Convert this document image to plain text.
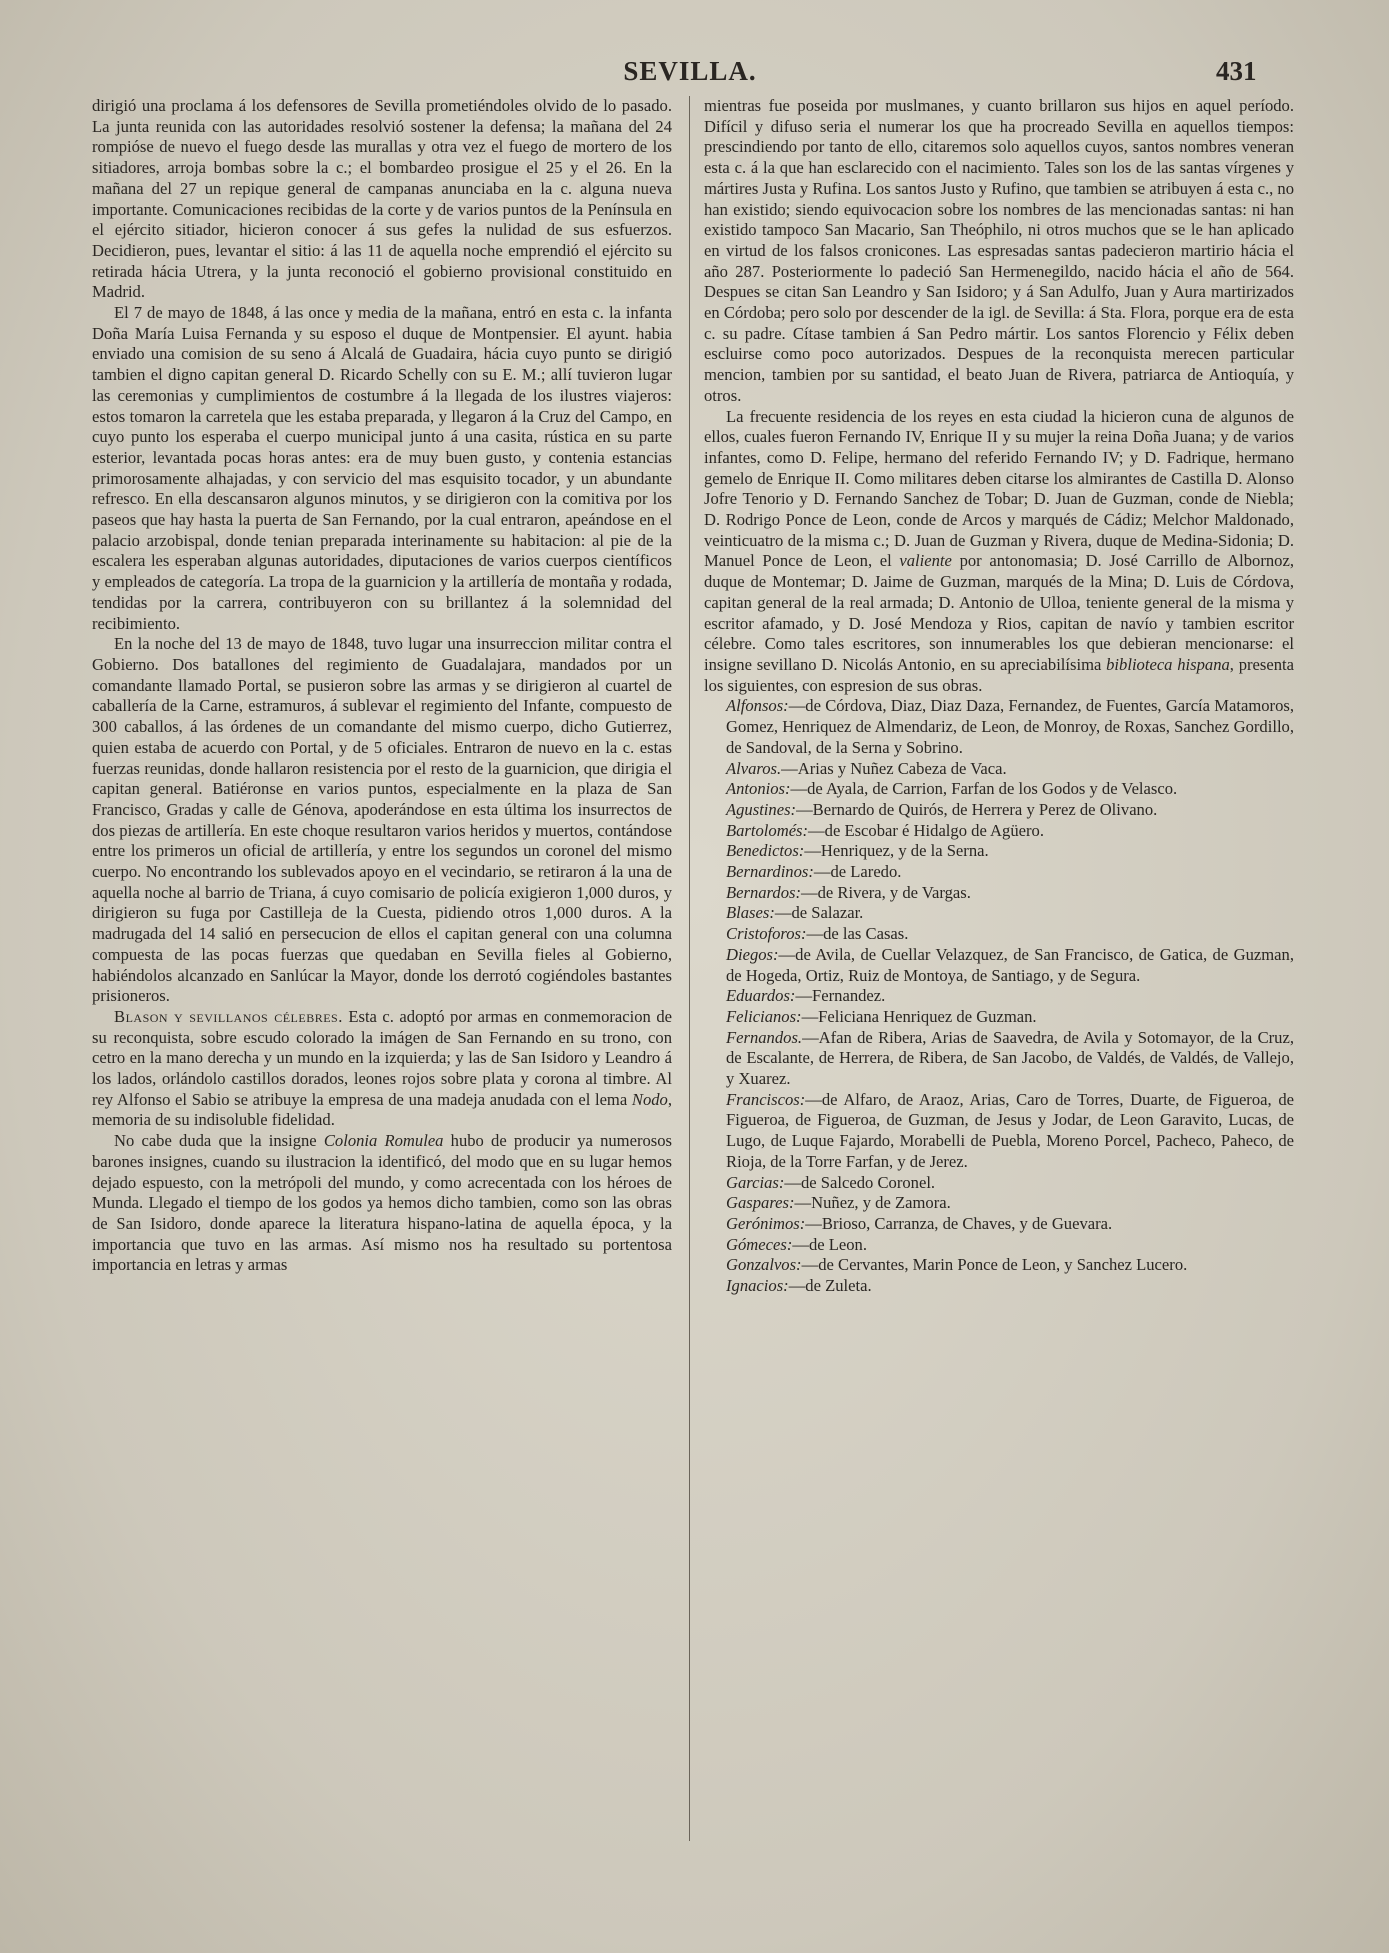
SEVILLA.	431

dirigió una proclama á los defensores de Sevilla prometiéndoles olvido de lo pasado. La junta reunida con las autoridades resolvió sostener la defensa; la mañana del 24 rompióse de nuevo el fuego desde las murallas y otra vez el fuego de mortero de los sitiadores, arroja bombas sobre la c.; el bombardeo prosigue el 25 y el 26. En la mañana del 27 un repique general de campanas anunciaba en la c. alguna nueva importante. Comunicaciones recibidas de la corte y de varios puntos de la Península en el ejército sitiador, hicieron conocer á sus gefes la nulidad de sus esfuerzos. Decidieron, pues, levantar el sitio: á las 11 de aquella noche emprendió el ejército su retirada hácia Utrera, y la junta reconoció el gobierno provisional constituido en Madrid.

El 7 de mayo de 1848, á las once y media de la mañana, entró en esta c. la infanta Doña María Luisa Fernanda y su esposo el duque de Montpensier. El ayunt. habia enviado una comision de su seno á Alcalá de Guadaira, hácia cuyo punto se dirigió tambien el digno capitan general D. Ricardo Schelly con su E. M.; allí tuvieron lugar las ceremonias y cumplimientos de costumbre á la llegada de los ilustres viajeros: estos tomaron la carretela que les estaba preparada, y llegaron á la Cruz del Campo, en cuyo punto los esperaba el cuerpo municipal junto á una casita, rústica en su parte esterior, levantada pocas horas antes: era de muy buen gusto, y contenia estancias primorosamente alhajadas, y con servicio del mas esquisito tocador, y un abundante refresco. En ella descansaron algunos minutos, y se dirigieron con la comitiva por los paseos que hay hasta la puerta de San Fernando, por la cual entraron, apeándose en el palacio arzobispal, donde tenian preparada interinamente su habitacion: al pie de la escalera les esperaban algunas autoridades, diputaciones de varios cuerpos científicos y empleados de categoría. La tropa de la guarnicion y la artillería de montaña y rodada, tendidas por la carrera, contribuyeron con su brillantez á la solemnidad del recibimiento.

En la noche del 13 de mayo de 1848, tuvo lugar una insurreccion militar contra el Gobierno. Dos batallones del regimiento de Guadalajara, mandados por un comandante llamado Portal, se pusieron sobre las armas y se dirigieron al cuartel de caballería de la Carne, estramuros, á sublevar el regimiento del Infante, compuesto de 300 caballos, á las órdenes de un comandante del mismo cuerpo, dicho Gutierrez, quien estaba de acuerdo con Portal, y de 5 oficiales. Entraron de nuevo en la c. estas fuerzas reunidas, donde hallaron resistencia por el resto de la guarnicion, que dirigia el capitan general. Batiéronse en varios puntos, especialmente en la plaza de San Francisco, Gradas y calle de Génova, apoderándose en esta última los insurrectos de dos piezas de artillería. En este choque resultaron varios heridos y muertos, contándose entre los primeros un oficial de artillería, y entre los segundos un coronel del mismo cuerpo. No encontrando los sublevados apoyo en el vecindario, se retiraron á la una de aquella noche al barrio de Triana, á cuyo comisario de policía exigieron 1,000 duros, y dirigieron su fuga por Castilleja de la Cuesta, pidiendo otros 1,000 duros. A la madrugada del 14 salió en persecucion de ellos el capitan general con una columna compuesta de las pocas fuerzas que quedaban en Sevilla fieles al Gobierno, habiéndolos alcanzado en Sanlúcar la Mayor, donde los derrotó cogiéndoles bastantes prisioneros.

Blason y sevillanos célebres. Esta c. adoptó por armas en conmemoracion de su reconquista, sobre escudo colorado la imágen de San Fernando en su trono, con cetro en la mano derecha y un mundo en la izquierda; y las de San Isidoro y Leandro á los lados, orlándolo castillos dorados, leones rojos sobre plata y corona al timbre. Al rey Alfonso el Sabio se atribuye la empresa de una madeja anudada con el lema Nodo, memoria de su indisoluble fidelidad.

No cabe duda que la insigne Colonia Romulea hubo de producir ya numerosos barones insignes, cuando su ilustracion la identificó, del modo que en su lugar hemos dejado espuesto, con la metrópoli del mundo, y como acrecentada con los héroes de Munda. Llegado el tiempo de los godos ya hemos dicho tambien, como son las obras de San Isidoro, donde aparece la literatura hispano-latina de aquella época, y la importancia que tuvo en las armas. Así mismo nos ha resultado su portentosa importancia en letras y armas

mientras fue poseida por muslmanes, y cuanto brillaron sus hijos en aquel período. Difícil y difuso seria el numerar los que ha procreado Sevilla en aquellos tiempos: prescindiendo por tanto de ello, citaremos solo aquellos cuyos, santos nombres veneran esta c. á la que han esclarecido con el nacimiento. Tales son los de las santas vírgenes y mártires Justa y Rufina. Los santos Justo y Rufino, que tambien se atribuyen á esta c., no han existido; siendo equivocacion sobre los nombres de las mencionadas santas: ni han existido tampoco San Macario, San Theóphilo, ni otros muchos que se le han aplicado en virtud de los falsos cronicones. Las espresadas santas padecieron martirio hácia el año 287. Posteriormente lo padeció San Hermenegildo, nacido hácia el año de 564. Despues se citan San Leandro y San Isidoro; y á San Adulfo, Juan y Aura martirizados en Córdoba; pero solo por descender de la igl. de Sevilla: á Sta. Flora, porque era de esta c. su padre. Cítase tambien á San Pedro mártir. Los santos Florencio y Félix deben escluirse como poco autorizados. Despues de la reconquista merecen particular mencion, tambien por su santidad, el beato Juan de Rivera, patriarca de Antioquía, y otros.

La frecuente residencia de los reyes en esta ciudad la hicieron cuna de algunos de ellos, cuales fueron Fernando IV, Enrique II y su mujer la reina Doña Juana; y de varios infantes, como D. Felipe, hermano del referido Fernando IV; y D. Fadrique, hermano gemelo de Enrique II. Como militares deben citarse los almirantes de Castilla D. Alonso Jofre Tenorio y D. Fernando Sanchez de Tobar; D. Juan de Guzman, conde de Niebla; D. Rodrigo Ponce de Leon, conde de Arcos y marqués de Cádiz; Melchor Maldonado, veinticuatro de la misma c.; D. Juan de Guzman y Rivera, duque de Medina-Sidonia; D. Manuel Ponce de Leon, el valiente por antonomasia; D. José Carrillo de Albornoz, duque de Montemar; D. Jaime de Guzman, marqués de la Mina; D. Luis de Córdova, capitan general de la real armada; D. Antonio de Ulloa, teniente general de la misma y escritor afamado, y D. José Mendoza y Rios, capitan de navío y tambien escritor célebre. Como tales escritores, son innumerables los que debieran mencionarse: el insigne sevillano D. Nicolás Antonio, en su apreciabilísima biblioteca hispana, presenta los siguientes, con espresion de sus obras.

Alfonsos:—de Córdova, Diaz, Diaz Daza, Fernandez, de Fuentes, García Matamoros, Gomez, Henriquez de Almendariz, de Leon, de Monroy, de Roxas, Sanchez Gordillo, de Sandoval, de la Serna y Sobrino.

Alvaros.—Arias y Nuñez Cabeza de Vaca.

Antonios:—de Ayala, de Carrion, Farfan de los Godos y de Velasco.

Agustines:—Bernardo de Quirós, de Herrera y Perez de Olivano.

Bartolomés:—de Escobar é Hidalgo de Agüero.

Benedictos:—Henriquez, y de la Serna.

Bernardinos:—de Laredo.

Bernardos:—de Rivera, y de Vargas.

Blases:—de Salazar.

Cristoforos:—de las Casas.

Diegos:—de Avila, de Cuellar Velazquez, de San Francisco, de Gatica, de Guzman, de Hogeda, Ortiz, Ruiz de Montoya, de Santiago, y de Segura.

Eduardos:—Fernandez.

Felicianos:—Feliciana Henriquez de Guzman.

Fernandos.—Afan de Ribera, Arias de Saavedra, de Avila y Sotomayor, de la Cruz, de Escalante, de Herrera, de Ribera, de San Jacobo, de Valdés, de Valdés, de Vallejo, y Xuarez.

Franciscos:—de Alfaro, de Araoz, Arias, Caro de Torres, Duarte, de Figueroa, de Figueroa, de Figueroa, de Guzman, de Jesus y Jodar, de Leon Garavito, Lucas, de Lugo, de Luque Fajardo, Morabelli de Puebla, Moreno Porcel, Pacheco, Paheco, de Rioja, de la Torre Farfan, y de Jerez.

Garcias:—de Salcedo Coronel.

Gaspares:—Nuñez, y de Zamora.

Gerónimos:—Brioso, Carranza, de Chaves, y de Guevara.

Gómeces:—de Leon.

Gonzalvos:—de Cervantes, Marin Ponce de Leon, y Sanchez Lucero.

Ignacios:—de Zuleta.
